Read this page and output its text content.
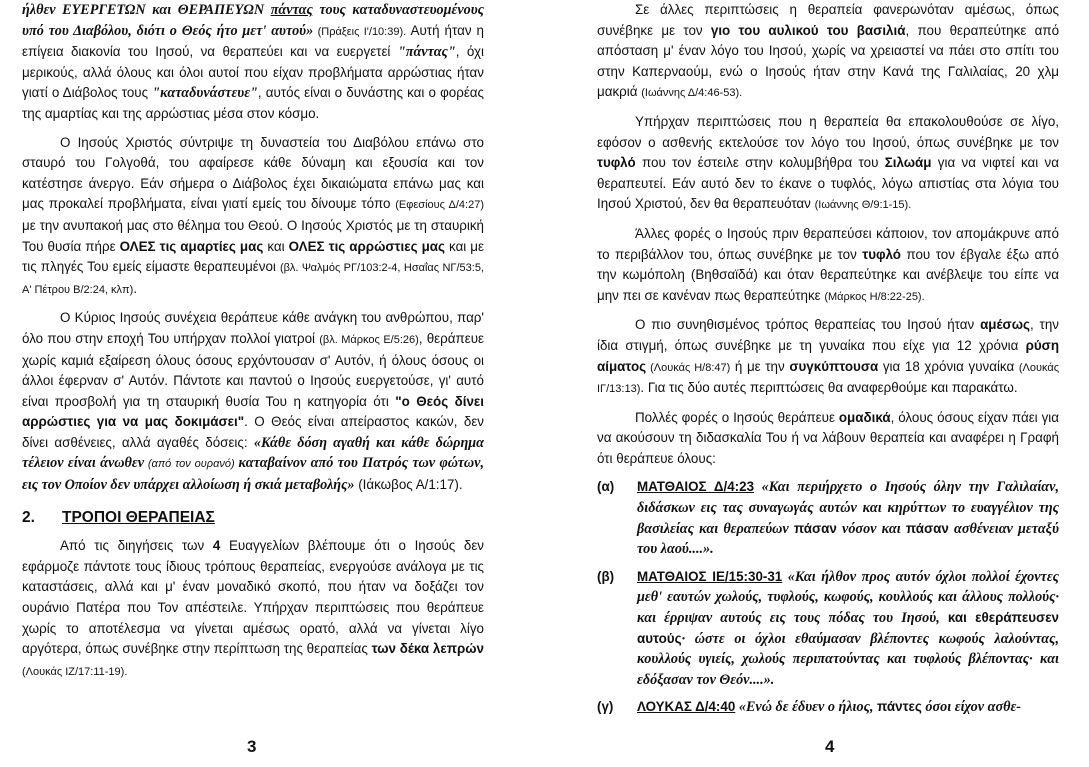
ήλθεν ΕΥΕΡΓΕΤΩΝ και ΘΕΡΑΠΕΥΩΝ πάντας τους καταδυναστευομένους υπό του Διαβόλου, διότι ο Θεός ήτο μετ' αυτού» (Πράξεις Ι'/10:39). Αυτή ήταν η επίγεια διακονία του Ιησού, να θεραπεύει και να ευεργετεί "πάντας", όχι μερικούς, αλλά όλους και όλοι αυτοί που είχαν προβλήματα αρρώστιας ήταν γιατί ο Διάβολος τους "καταδυνάστευε", αυτός είναι ο δυνάστης και ο φορέας της αμαρτίας και της αρρώστιας μέσα στον κόσμο.

Ο Ιησούς Χριστός σύντριψε τη δυναστεία του Διαβόλου επάνω στο σταυρό του Γολγοθά, του αφαίρεσε κάθε δύναμη και εξουσία και τον κατέστησε άνεργο. Εάν σήμερα ο Διάβολος έχει δικαιώματα επάνω μας και μας προκαλεί προβλήματα, είναι γιατί εμείς του δίνουμε τόπο (Εφεσίους Δ/4:27) με την ανυπακοή μας στο θέλημα του Θεού. Ο Ιησούς Χριστός με τη σταυρική Του θυσία πήρε ΟΛΕΣ τις αμαρτίες μας και ΟΛΕΣ τις αρρώστιες μας και με τις πληγές Του εμείς είμαστε θεραπευμένοι (βλ. Ψαλμός ΡΓ/103:2-4, Ησαΐας ΝΓ/53:5, Α' Πέτρου Β/2:24, κλπ).

Ο Κύριος Ιησούς συνέχεια θεράπευε κάθε ανάγκη του ανθρώπου, παρ' όλο που στην εποχή Του υπήρχαν πολλοί γιατροί (βλ. Μάρκος Ε/5:26), θεράπευε χωρίς καμιά εξαίρεση όλους όσους ερχόντουσαν σ' Αυτόν, ή όλους όσους οι άλλοι έφερναν σ' Αυτόν. Πάντοτε και παντού ο Ιησούς ευεργετούσε, γι' αυτό είναι προσβολή για τη σταυρική θυσία Του η κατηγορία ότι "ο Θεός δίνει αρρώστιες για να μας δοκιμάσει". Ο Θεός είναι απείραστος κακών, δεν δίνει ασθένειες, αλλά αγαθές δόσεις: «Κάθε δόση αγαθή και κάθε δώρημα τέλειον είναι άνωθεν (από τον ουρανό) καταβαίνον από του Πατρός των φώτων, εις τον Οποίον δεν υπάρχει αλλοίωση ή σκιά μεταβολής» (Ιάκωβος Α/1:17).

2.	ΤΡΟΠΟΙ ΘΕΡΑΠΕΙΑΣ

Από τις διηγήσεις των 4 Ευαγγελίων βλέπουμε ότι ο Ιησούς δεν εφάρμοζε πάντοτε τους ίδιους τρόπους θεραπείας, ενεργούσε ανάλογα με τις καταστάσεις, αλλά και μ' έναν μοναδικό σκοπό, που ήταν να δοξάζει τον ουράνιο Πατέρα που Τον απέστειλε. Υπήρχαν περιπτώσεις που θεράπευε χωρίς το αποτέλεσμα να γίνεται αμέσως ορατό, αλλά να γίνεται λίγο αργότερα, όπως συνέβηκε στην περίπτωση της θεραπείας των δέκα λεπρών (Λουκάς ΙΖ/17:11-19).

3

Σε άλλες περιπτώσεις η θεραπεία φανερωνόταν αμέσως, όπως συνέβηκε με τον γιο του αυλικού του βασιλιά, που θεραπεύτηκε από απόσταση μ' έναν λόγο του Ιησού, χωρίς να χρειαστεί να πάει στο σπίτι του στην Καπερναούμ, ενώ ο Ιησούς ήταν στην Κανά της Γαλιλαίας, 20 χλμ μακριά (Ιωάννης Δ/4:46-53).

Υπήρχαν περιπτώσεις που η θεραπεία θα επακολουθούσε σε λίγο, εφόσον ο ασθενής εκτελούσε τον λόγο του Ιησού, όπως συνέβηκε με τον τυφλό που τον έστειλε στην κολυμβήθρα του Σιλωάμ για να νιφτεί και να θεραπευτεί. Εάν αυτό δεν το έκανε ο τυφλός, λόγω απιστίας στα λόγια του Ιησού Χριστού, δεν θα θεραπευόταν (Ιωάννης Θ/9:1-15).

Άλλες φορές ο Ιησούς πριν θεραπεύσει κάποιον, τον απομάκρυνε από το περιβάλλον του, όπως συνέβηκε με τον τυφλό που τον έβγαλε έξω από την κωμόπολη (Βηθσαϊδά) και όταν θεραπεύτηκε και ανέβλεψε του είπε να μην πει σε κανέναν πως θεραπεύτηκε (Μάρκος Η/8:22-25).

Ο πιο συνηθισμένος τρόπος θεραπείας του Ιησού ήταν αμέσως, την ίδια στιγμή, όπως συνέβηκε με τη γυναίκα που είχε για 12 χρόνια ρύση αίματος (Λουκάς Η/8:47) ή με την συγκύπτουσα για 18 χρόνια γυναίκα (Λουκάς ΙΓ/13:13). Για τις δύο αυτές περιπτώσεις θα αναφερθούμε και παρακάτω.

Πολλές φορές ο Ιησούς θεράπευε ομαδικά, όλους όσους είχαν πάει για να ακούσουν τη διδασκαλία Του ή να λάβουν θεραπεία και αναφέρει η Γραφή ότι θεράπευε όλους:

(α)	ΜΑΤΘΑΙΟΣ Δ/4:23 «Και περιήρχετο ο Ιησούς όλην την Γαλιλαίαν, διδάσκων εις τας συναγωγάς αυτών και κηρύττων το ευαγγέλιον της βασιλείας και θεραπεύων πάσαν νόσον και πάσαν ασθένειαν μεταξύ του λαού....».
(β)	ΜΑΤΘΑΙΟΣ ΙΕ/15:30-31 «Και ήλθον προς αυτόν όχλοι πολλοί έχοντες μεθ' εαυτών χωλούς, τυφλούς, κωφούς, κουλλούς και άλλους πολλούς· και έρριψαν αυτούς εις τους πόδας του Ιησού, και εθεράπευσεν αυτούς· ώστε οι όχλοι εθαύμασαν βλέποντες κωφούς λαλούντας, κουλλούς υγιείς, χωλούς περιπατούντας και τυφλούς βλέποντας· και εδόξασαν τον Θεόν....».
(γ)	ΛΟΥΚΑΣ Δ/4:40 «Ενώ δε έδυεν ο ήλιος, πάντες όσοι είχον ασθε-
4
